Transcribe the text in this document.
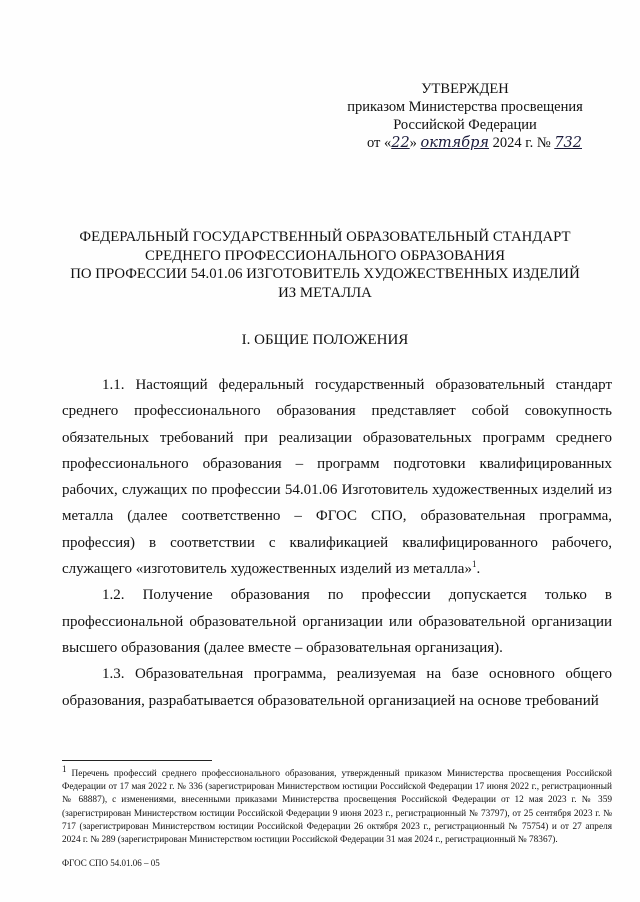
УТВЕРЖДЕН
приказом Министерства просвещения
Российской Федерации
от «22» октября 2024 г. № 732
ФЕДЕРАЛЬНЫЙ ГОСУДАРСТВЕННЫЙ ОБРАЗОВАТЕЛЬНЫЙ СТАНДАРТ
СРЕДНЕГО ПРОФЕССИОНАЛЬНОГО ОБРАЗОВАНИЯ
ПО ПРОФЕССИИ 54.01.06 ИЗГОТОВИТЕЛЬ ХУДОЖЕСТВЕННЫХ ИЗДЕЛИЙ
ИЗ МЕТАЛЛА
I. ОБЩИЕ ПОЛОЖЕНИЯ

1.1. Настоящий федеральный государственный образовательный стандарт среднего профессионального образования представляет собой совокупность обязательных требований при реализации образовательных программ среднего профессионального образования – программ подготовки квалифицированных рабочих, служащих по профессии 54.01.06 Изготовитель художественных изделий из металла (далее соответственно – ФГОС СПО, образовательная программа, профессия) в соответствии с квалификацией квалифицированного рабочего, служащего «изготовитель художественных изделий из металла»$^1$.

1.2. Получение образования по профессии допускается только в профессиональной образовательной организации или образовательной организации высшего образования (далее вместе – образовательная организация).

1.3. Образовательная программа, реализуемая на базе основного общего образования, разрабатывается образовательной организацией на основе требований

$^1$ Перечень профессий среднего профессионального образования, утвержденный приказом Министерства просвещения Российской Федерации от 17 мая 2022 г. № 336 (зарегистрирован Министерством юстиции Российской Федерации 17 июня 2022 г., регистрационный № 68887), с изменениями, внесенными приказами Министерства просвещения Российской Федерации от 12 мая 2023 г. № 359 (зарегистрирован Министерством юстиции Российской Федерации 9 июня 2023 г., регистрационный № 73797), от 25 сентября 2023 г. № 717 (зарегистрирован Министерством юстиции Российской Федерации 26 октября 2023 г., регистрационный № 75754) и от 27 апреля 2024 г. № 289 (зарегистрирован Министерством юстиции Российской Федерации 31 мая 2024 г., регистрационный № 78367).
ФГОС СПО 54.01.06 – 05
